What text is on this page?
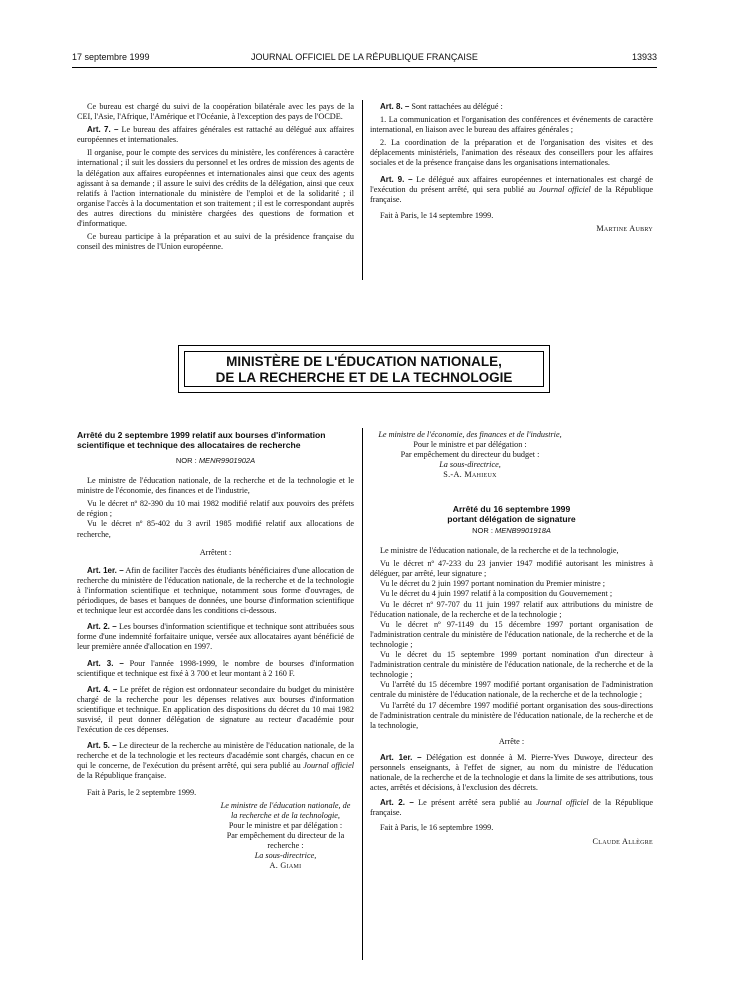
17 septembre 1999	JOURNAL OFFICIEL DE LA RÉPUBLIQUE FRANÇAISE	13933

Ce bureau est chargé du suivi de la coopération bilatérale avec les pays de la CEI, l'Asie, l'Afrique, l'Amérique et l'Océanie, à l'exception des pays de l'OCDE.

Art. 7. – Le bureau des affaires générales est rattaché au délégué aux affaires européennes et internationales.

Il organise, pour le compte des services du ministère, les conférences à caractère international ; il suit les dossiers du personnel et les ordres de mission des agents de la délégation aux affaires européennes et internationales ainsi que ceux des agents agissant à sa demande ; il assure le suivi des crédits de la délégation, ainsi que ceux relatifs à l'action internationale du ministère de l'emploi et de la solidarité ; il organise l'accès à la documentation et son traitement ; il est le correspondant auprès des autres directions du ministère chargées des questions de formation et d'informatique.

Ce bureau participe à la préparation et au suivi de la présidence française du conseil des ministres de l'Union européenne.

Art. 8. – Sont rattachées au délégué :

1. La communication et l'organisation des conférences et événements de caractère international, en liaison avec le bureau des affaires générales ;

2. La coordination de la préparation et de l'organisation des visites et des déplacements ministériels, l'animation des réseaux des conseillers pour les affaires sociales et de la présence française dans les organisations internationales.

Art. 9. – Le délégué aux affaires européennes et internationales est chargé de l'exécution du présent arrêté, qui sera publié au Journal officiel de la République française.

Fait à Paris, le 14 septembre 1999.

Martine Aubry

MINISTÈRE DE L'ÉDUCATION NATIONALE,
DE LA RECHERCHE ET DE LA TECHNOLOGIE
Arrêté du 2 septembre 1999 relatif aux bourses d'information scientifique et technique des allocataires de recherche
NOR : MENR9901902A

Le ministre de l'éducation nationale, de la recherche et de la technologie et le ministre de l'économie, des finances et de l'industrie,

Vu le décret nº 82-390 du 10 mai 1982 modifié relatif aux pouvoirs des préfets de région ;

Vu le décret nº 85-402 du 3 avril 1985 modifié relatif aux allocations de recherche,

Arrêtent :

Art. 1er. – Afin de faciliter l'accès des étudiants bénéficiaires d'une allocation de recherche du ministère de l'éducation nationale, de la recherche et de la technologie à l'information scientifique et technique, notamment sous forme d'ouvrages, de périodiques, de bases et banques de données, une bourse d'information scientifique et technique leur est accordée dans les conditions ci-dessous.

Art. 2. – Les bourses d'information scientifique et technique sont attribuées sous forme d'une indemnité forfaitaire unique, versée aux allocataires ayant bénéficié de leur première année d'allocation en 1997.

Art. 3. – Pour l'année 1998-1999, le nombre de bourses d'information scientifique et technique est fixé à 3 700 et leur montant à 2 160 F.

Art. 4. – Le préfet de région est ordonnateur secondaire du budget du ministère chargé de la recherche pour les dépenses relatives aux bourses d'information scientifique et technique. En application des dispositions du décret du 10 mai 1982 susvisé, il peut donner délégation de signature au recteur d'académie pour l'exécution de ces dépenses.

Art. 5. – Le directeur de la recherche au ministère de l'éducation nationale, de la recherche et de la technologie et les recteurs d'académie sont chargés, chacun en ce qui le concerne, de l'exécution du présent arrêté, qui sera publié au Journal officiel de la République française.

Fait à Paris, le 2 septembre 1999.

Le ministre de l'éducation nationale, de la recherche et de la technologie,
Pour le ministre et par délégation :
Par empêchement du directeur de la recherche :
La sous-directrice,
A. Giami
Le ministre de l'économie, des finances et de l'industrie,
Pour le ministre et par délégation :
Par empêchement du directeur du budget :
La sous-directrice,
S.-A. Mahieux
Arrêté du 16 septembre 1999
portant délégation de signature
NOR : MENB9901918A

Le ministre de l'éducation nationale, de la recherche et de la technologie,

Vu le décret nº 47-233 du 23 janvier 1947 modifié autorisant les ministres à déléguer, par arrêté, leur signature ;

Vu le décret du 2 juin 1997 portant nomination du Premier ministre ;

Vu le décret du 4 juin 1997 relatif à la composition du Gouvernement ;

Vu le décret nº 97-707 du 11 juin 1997 relatif aux attributions du ministre de l'éducation nationale, de la recherche et de la technologie ;

Vu le décret nº 97-1149 du 15 décembre 1997 portant organisation de l'administration centrale du ministère de l'éducation nationale, de la recherche et de la technologie ;

Vu le décret du 15 septembre 1999 portant nomination d'un directeur à l'administration centrale du ministère de l'éducation nationale, de la recherche et de la technologie ;

Vu l'arrêté du 15 décembre 1997 modifié portant organisation de l'administration centrale du ministère de l'éducation nationale, de la recherche et de la technologie ;

Vu l'arrêté du 17 décembre 1997 modifié portant organisation des sous-directions de l'administration centrale du ministère de l'éducation nationale, de la recherche et de la technologie,

Arrête :

Art. 1er. – Délégation est donnée à M. Pierre-Yves Duwoye, directeur des personnels enseignants, à l'effet de signer, au nom du ministre de l'éducation nationale, de la recherche et de la technologie et dans la limite de ses attributions, tous actes, arrêtés et décisions, à l'exclusion des décrets.

Art. 2. – Le présent arrêté sera publié au Journal officiel de la République française.

Fait à Paris, le 16 septembre 1999.

Claude Allègre
